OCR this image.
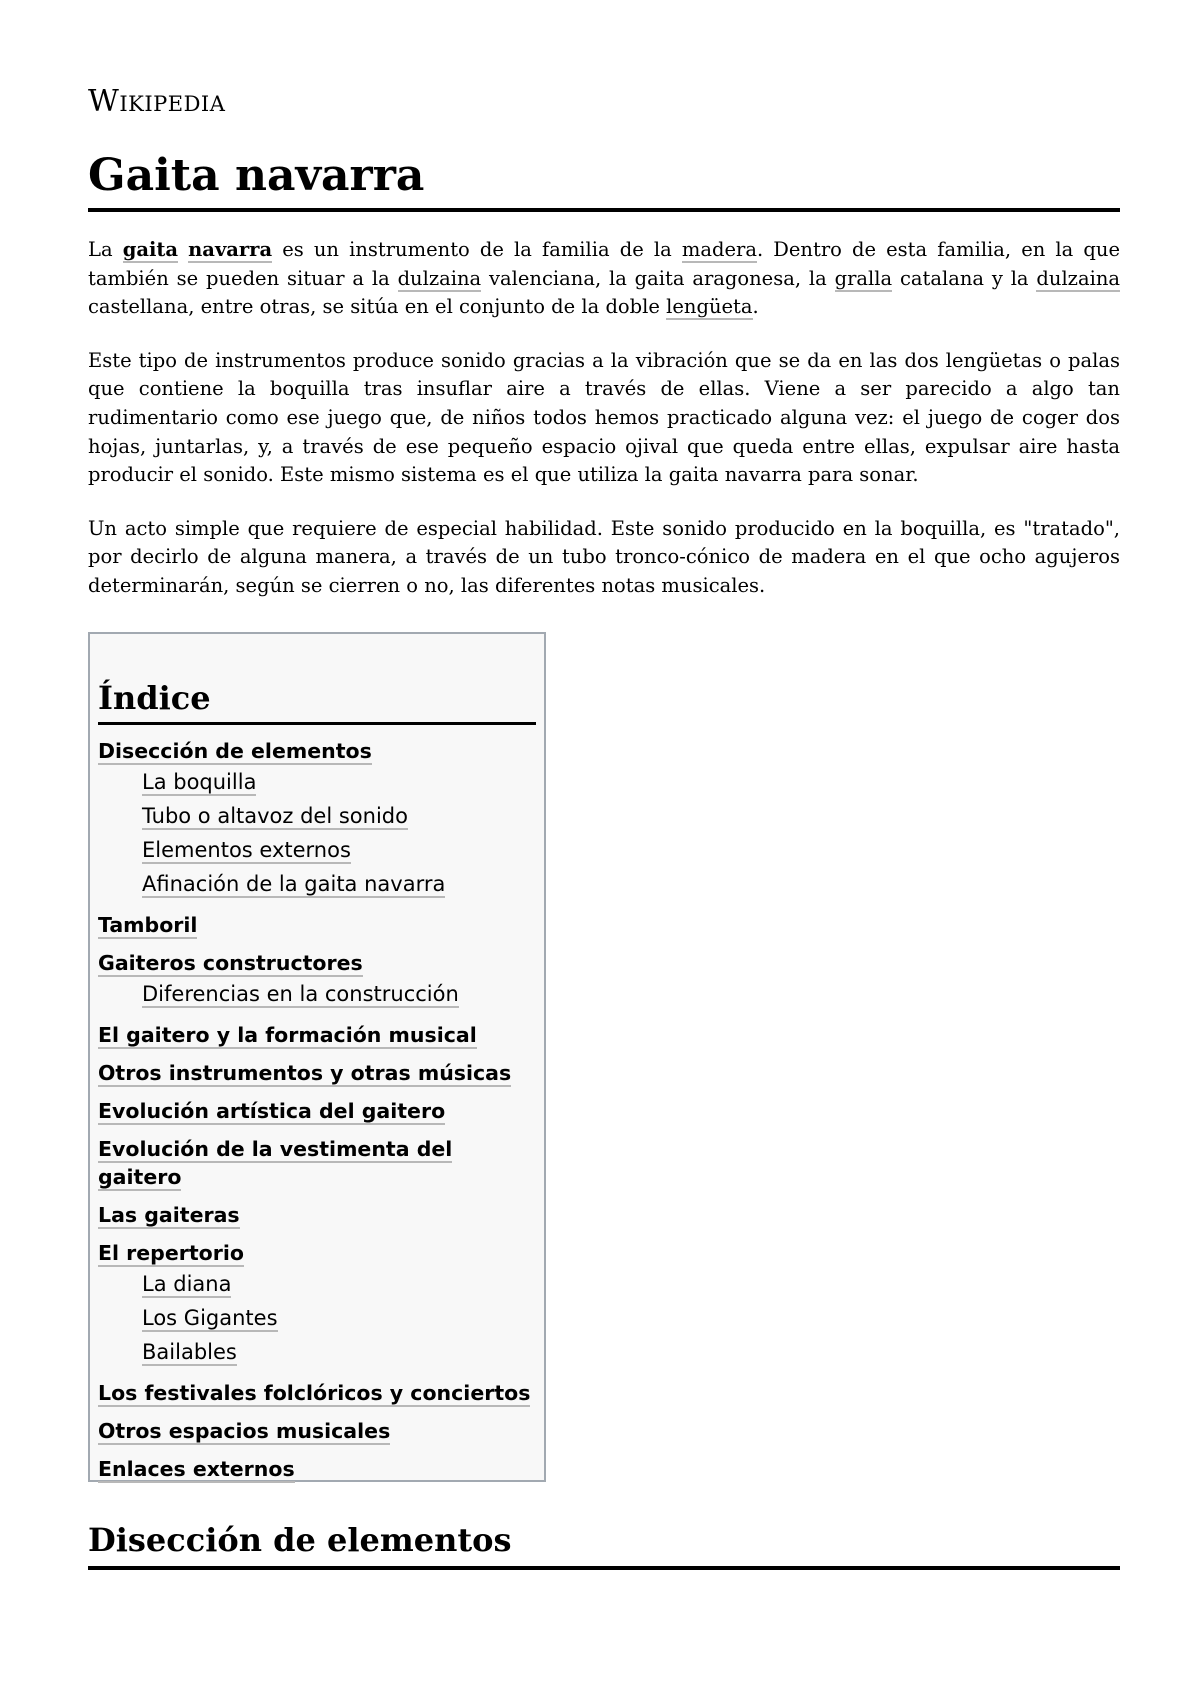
Wikipedia
Gaita navarra

La gaita navarra es un instrumento de la familia de la madera. Dentro de esta familia, en la que también se pueden situar a la dulzaina valenciana, la gaita aragonesa, la gralla catalana y la dulzaina castellana, entre otras, se sitúa en el conjunto de la doble lengüeta.

Este tipo de instrumentos produce sonido gracias a la vibración que se da en las dos lengüetas o palas que contiene la boquilla tras insuflar aire a través de ellas. Viene a ser parecido a algo tan rudimentario como ese juego que, de niños todos hemos practicado alguna vez: el juego de coger dos hojas, juntarlas, y, a través de ese pequeño espacio ojival que queda entre ellas, expulsar aire hasta producir el sonido. Este mismo sistema es el que utiliza la gaita navarra para sonar.

Un acto simple que requiere de especial habilidad. Este sonido producido en la boquilla, es "tratado", por decirlo de alguna manera, a través de un tubo tronco-cónico de madera en el que ocho agujeros determinarán, según se cierren o no, las diferentes notas musicales.

Índice
Disección de elementos
La boquilla
Tubo o altavoz del sonido
Elementos externos
Afinación de la gaita navarra
Tamboril
Gaiteros constructores
Diferencias en la construcción
El gaitero y la formación musical
Otros instrumentos y otras músicas
Evolución artística del gaitero
Evolución de la vestimenta del gaitero
Las gaiteras
El repertorio
La diana
Los Gigantes
Bailables
Los festivales folclóricos y conciertos
Otros espacios musicales
Enlaces externos
Disección de elementos
